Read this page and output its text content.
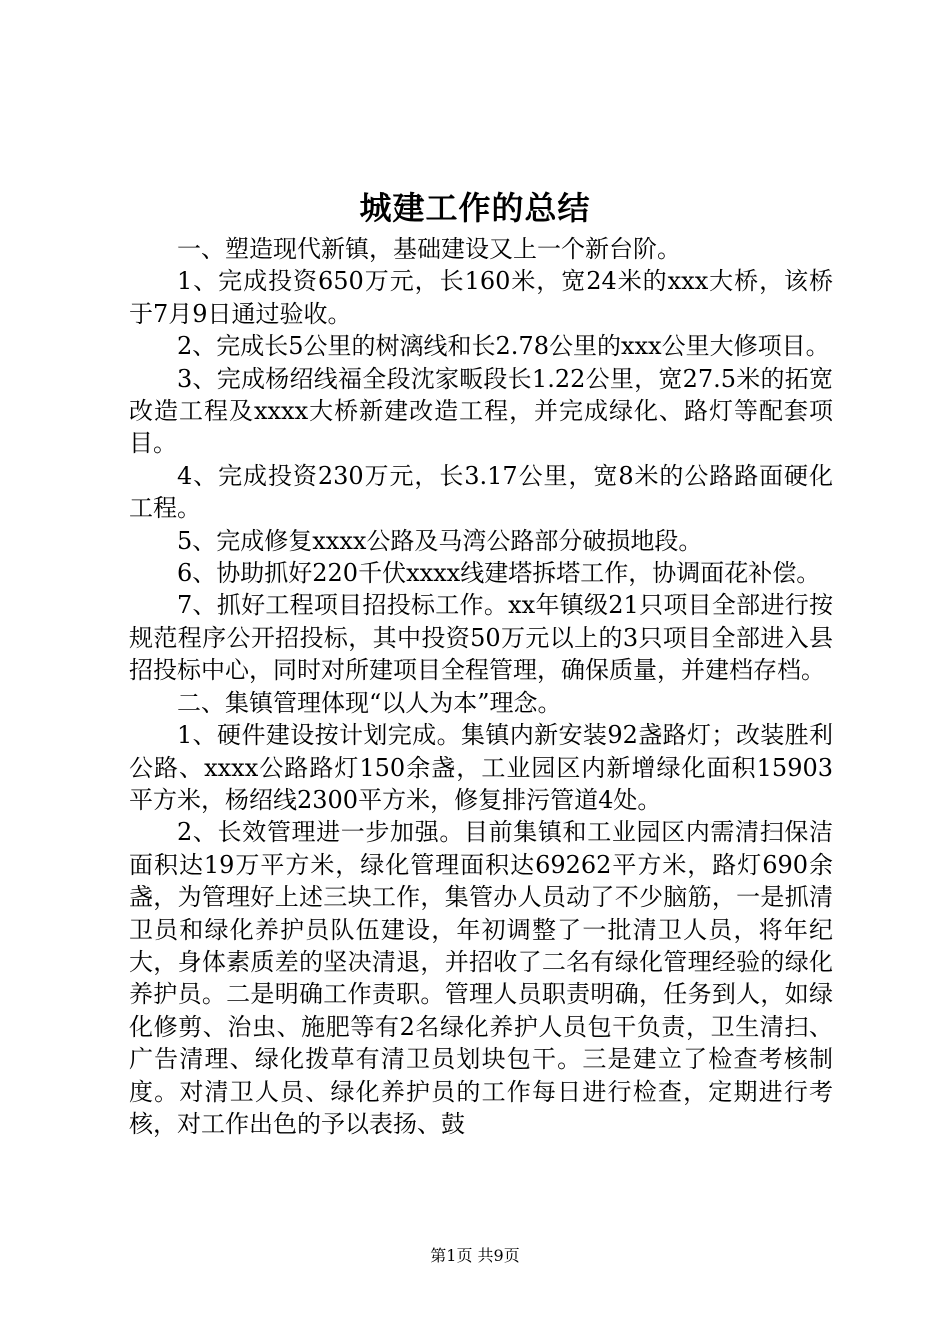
城建工作的总结

一、塑造现代新镇，基础建设又上一个新台阶。

1、完成投资650万元，长160米，宽24米的xxx大桥，该桥于7月9日通过验收。

2、完成长5公里的树漓线和长2.78公里的xxx公里大修项目。

3、完成杨绍线福全段沈家畈段长1.22公里，宽27.5米的拓宽改造工程及xxxx大桥新建改造工程，并完成绿化、路灯等配套项目。

4、完成投资230万元，长3.17公里，宽8米的公路路面硬化工程。

5、完成修复xxxx公路及马湾公路部分破损地段。

6、协助抓好220千伏xxxx线建塔拆塔工作，协调面花补偿。

7、抓好工程项目招投标工作。xx年镇级21只项目全部进行按规范程序公开招投标，其中投资50万元以上的3只项目全部进入县招投标中心，同时对所建项目全程管理，确保质量，并建档存档。

二、集镇管理体现“以人为本”理念。

1、硬件建设按计划完成。集镇内新安装92盏路灯；改装胜利公路、xxxx公路路灯150余盏，工业园区内新增绿化面积15903平方米，杨绍线2300平方米，修复排污管道4处。

2、长效管理进一步加强。目前集镇和工业园区内需清扫保洁面积达19万平方米，绿化管理面积达69262平方米，路灯690余盏，为管理好上述三块工作，集管办人员动了不少脑筋，一是抓清卫员和绿化养护员队伍建设，年初调整了一批清卫人员，将年纪大，身体素质差的坚决清退，并招收了二名有绿化管理经验的绿化养护员。二是明确工作责职。管理人员职责明确，任务到人，如绿化修剪、治虫、施肥等有2名绿化养护人员包干负责，卫生清扫、广告清理、绿化拨草有清卫员划块包干。三是建立了检查考核制度。对清卫人员、绿化养护员的工作每日进行检查，定期进行考核，对工作出色的予以表扬、鼓

第1页 共9页
